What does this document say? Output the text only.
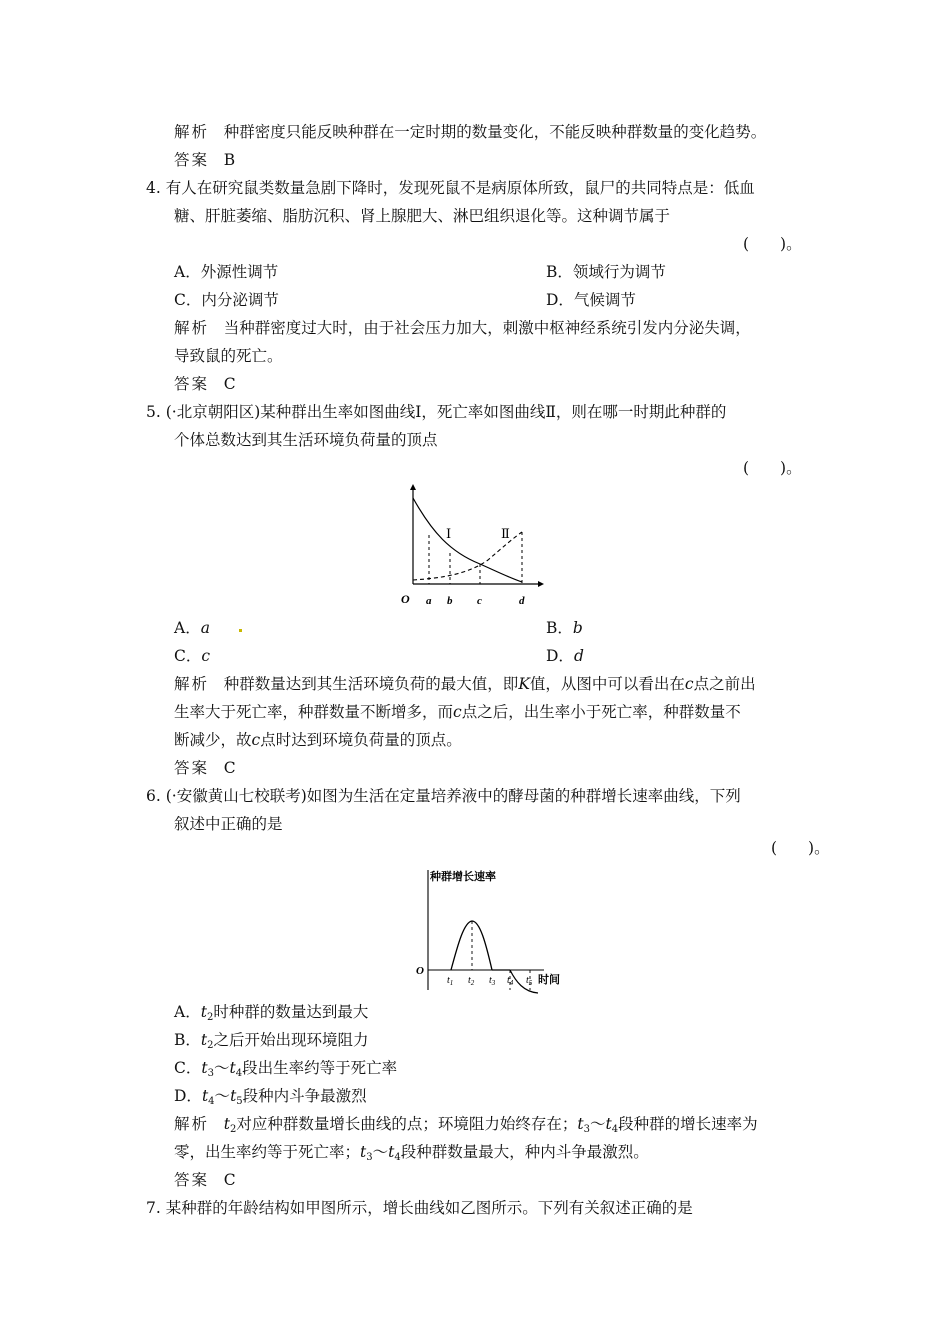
解析 种群密度只能反映种群在一定时期的数量变化，不能反映种群数量的变化趋势。
答案 B
4. 有人在研究鼠类数量急剧下降时，发现死鼠不是病原体所致，鼠尸的共同特点是：低血
糖、肝脏萎缩、脂肪沉积、肾上腺肥大、淋巴组织退化等。这种调节属于
(　　)。
A．外源性调节	B．领域行为调节
C．内分泌调节	D．气候调节
解析 当种群密度过大时，由于社会压力加大，刺激中枢神经系统引发内分泌失调，
导致鼠的死亡。
答案 C
5. (·北京朝阳区)某种群出生率如图曲线Ⅰ，死亡率如图曲线Ⅱ，则在哪一时期此种群的
个体总数达到其生活环境负荷量的顶点
(　　)。
Ⅰ	Ⅱ
O a b c	d
A．a	B．b
C．c	D．d
解析 种群数量达到其生活环境负荷的最大值，即K值，从图中可以看出在c点之前出
生率大于死亡率，种群数量不断增多，而c点之后，出生率小于死亡率，种群数量不
断减少，故c点时达到环境负荷量的顶点。
答案 C
6. (·安徽黄山七校联考)如图为生活在定量培养液中的酵母菌的种群增长速率曲线，下列
叙述中正确的是
(　　)。
种群增长速率
时间
O
$t_1$ $t_2$ $t_3$ $t_4$ $t_5$
A．$t_2$时种群的数量达到最大
B．$t_2$之后开始出现环境阻力
C．$t_3\sim t_4$段出生率约等于死亡率
D．$t_4\sim t_5$段种内斗争最激烈
解析 $t_2$对应种群数量增长曲线的点；环境阻力始终存在；$t_3\sim t_4$段种群的增长速率为
零，出生率约等于死亡率；$t_3\sim t_4$段种群数量最大，种内斗争最激烈。
答案 C
7. 某种群的年龄结构如甲图所示，增长曲线如乙图所示。下列有关叙述正确的是
